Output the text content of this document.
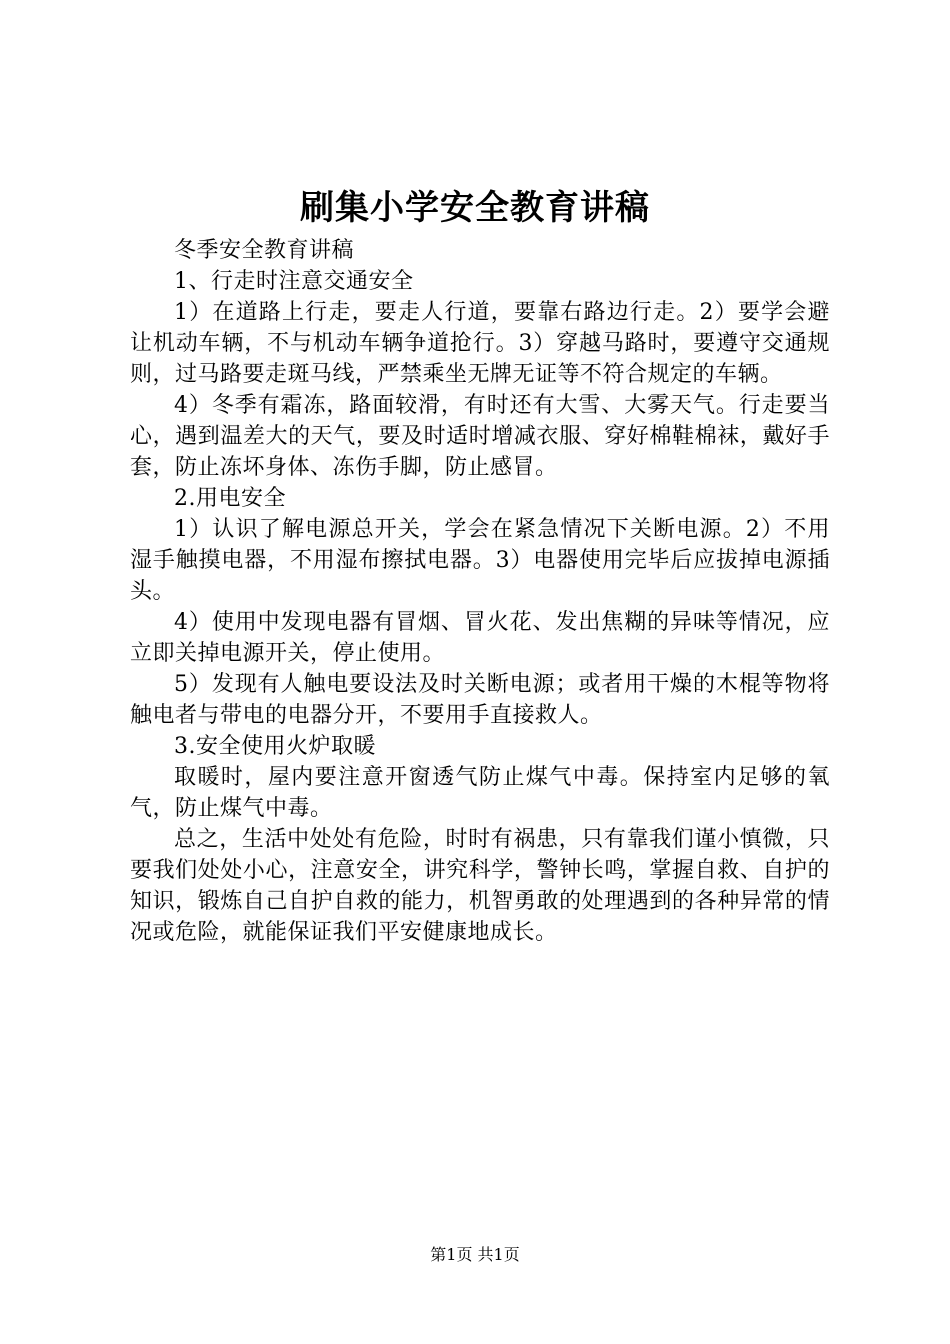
刷集小学安全教育讲稿

冬季安全教育讲稿

1、行走时注意交通安全

1）在道路上行走，要走人行道，要靠右路边行走。2）要学会避让机动车辆，不与机动车辆争道抢行。3）穿越马路时，要遵守交通规则，过马路要走斑马线，严禁乘坐无牌无证等不符合规定的车辆。

4）冬季有霜冻，路面较滑，有时还有大雪、大雾天气。行走要当心，遇到温差大的天气，要及时适时增减衣服、穿好棉鞋棉袜，戴好手套，防止冻坏身体、冻伤手脚，防止感冒。

2.用电安全

1）认识了解电源总开关，学会在紧急情况下关断电源。2）不用湿手触摸电器，不用湿布擦拭电器。3）电器使用完毕后应拔掉电源插头。

4）使用中发现电器有冒烟、冒火花、发出焦糊的异味等情况，应立即关掉电源开关，停止使用。

5）发现有人触电要设法及时关断电源；或者用干燥的木棍等物将触电者与带电的电器分开，不要用手直接救人。

3.安全使用火炉取暖

取暖时，屋内要注意开窗透气防止煤气中毒。保持室内足够的氧气，防止煤气中毒。

总之，生活中处处有危险，时时有祸患，只有靠我们谨小慎微，只要我们处处小心，注意安全，讲究科学，警钟长鸣，掌握自救、自护的知识，锻炼自己自护自救的能力，机智勇敢的处理遇到的各种异常的情况或危险，就能保证我们平安健康地成长。

第1页 共1页
